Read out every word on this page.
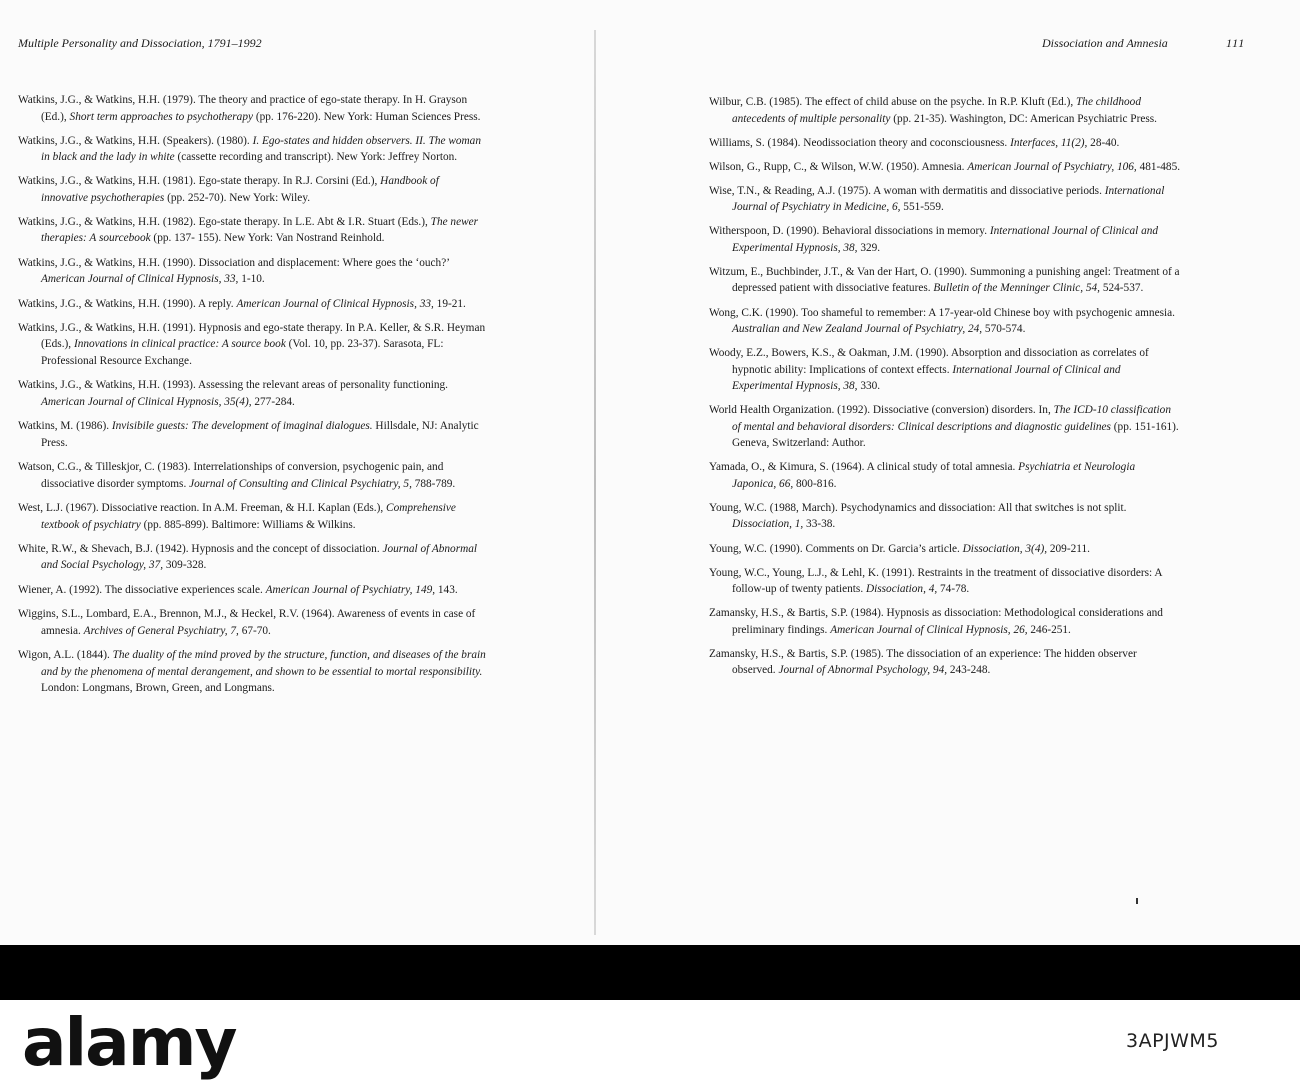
Multiple Personality and Dissociation, 1791–1992	Dissociation and Amnesia	111
Watkins, J.G., & Watkins, H.H. (1979). The theory and practice of ego-state therapy. In H. Grayson (Ed.), Short term approaches to psychotherapy (pp. 176-220). New York: Human Sciences Press.
Watkins, J.G., & Watkins, H.H. (Speakers). (1980). I. Ego-states and hidden observers. II. The woman in black and the lady in white (cassette recording and transcript). New York: Jeffrey Norton.
Watkins, J.G., & Watkins, H.H. (1981). Ego-state therapy. In R.J. Corsini (Ed.), Handbook of innovative psychotherapies (pp. 252-70). New York: Wiley.
Watkins, J.G., & Watkins, H.H. (1982). Ego-state therapy. In L.E. Abt & I.R. Stuart (Eds.), The newer therapies: A sourcebook (pp. 137- 155). New York: Van Nostrand Reinhold.
Watkins, J.G., & Watkins, H.H. (1990). Dissociation and displacement: Where goes the ‘ouch?’ American Journal of Clinical Hypnosis, 33, 1-10.
Watkins, J.G., & Watkins, H.H. (1990). A reply. American Journal of Clinical Hypnosis, 33, 19-21.
Watkins, J.G., & Watkins, H.H. (1991). Hypnosis and ego-state therapy. In P.A. Keller, & S.R. Heyman (Eds.), Innovations in clinical practice: A source book (Vol. 10, pp. 23-37). Sarasota, FL: Professional Resource Exchange.
Watkins, J.G., & Watkins, H.H. (1993). Assessing the relevant areas of personality functioning. American Journal of Clinical Hypnosis, 35(4), 277-284.
Watkins, M. (1986). Invisibile guests: The development of imaginal dialogues. Hillsdale, NJ: Analytic Press.
Watson, C.G., & Tilleskjor, C. (1983). Interrelationships of conversion, psychogenic pain, and dissociative disorder symptoms. Journal of Consulting and Clinical Psychiatry, 5, 788-789.
West, L.J. (1967). Dissociative reaction. In A.M. Freeman, & H.I. Kaplan (Eds.), Comprehensive textbook of psychiatry (pp. 885-899). Baltimore: Williams & Wilkins.
White, R.W., & Shevach, B.J. (1942). Hypnosis and the concept of dissociation. Journal of Abnormal and Social Psychology, 37, 309-328.
Wiener, A. (1992). The dissociative experiences scale. American Journal of Psychiatry, 149, 143.
Wiggins, S.L., Lombard, E.A., Brennon, M.J., & Heckel, R.V. (1964). Awareness of events in case of amnesia. Archives of General Psychiatry, 7, 67-70.
Wigon, A.L. (1844). The duality of the mind proved by the structure, function, and diseases of the brain and by the phenomena of mental derangement, and shown to be essential to mortal responsibility. London: Longmans, Brown, Green, and Longmans.
Wilbur, C.B. (1985). The effect of child abuse on the psyche. In R.P. Kluft (Ed.), The childhood antecedents of multiple personality (pp. 21-35). Washington, DC: American Psychiatric Press.
Williams, S. (1984). Neodissociation theory and coconsciousness. Interfaces, 11(2), 28-40.
Wilson, G., Rupp, C., & Wilson, W.W. (1950). Amnesia. American Journal of Psychiatry, 106, 481-485.
Wise, T.N., & Reading, A.J. (1975). A woman with dermatitis and dissociative periods. International Journal of Psychiatry in Medicine, 6, 551-559.
Witherspoon, D. (1990). Behavioral dissociations in memory. International Journal of Clinical and Experimental Hypnosis, 38, 329.
Witzum, E., Buchbinder, J.T., & Van der Hart, O. (1990). Summoning a punishing angel: Treatment of a depressed patient with dissociative features. Bulletin of the Menninger Clinic, 54, 524-537.
Wong, C.K. (1990). Too shameful to remember: A 17-year-old Chinese boy with psychogenic amnesia. Australian and New Zealand Journal of Psychiatry, 24, 570-574.
Woody, E.Z., Bowers, K.S., & Oakman, J.M. (1990). Absorption and dissociation as correlates of hypnotic ability: Implications of context effects. International Journal of Clinical and Experimental Hypnosis, 38, 330.
World Health Organization. (1992). Dissociative (conversion) disorders. In, The ICD-10 classification of mental and behavioral disorders: Clinical descriptions and diagnostic guidelines (pp. 151-161). Geneva, Switzerland: Author.
Yamada, O., & Kimura, S. (1964). A clinical study of total amnesia. Psychiatria et Neurologia Japonica, 66, 800-816.
Young, W.C. (1988, March). Psychodynamics and dissociation: All that switches is not split. Dissociation, 1, 33-38.
Young, W.C. (1990). Comments on Dr. Garcia’s article. Dissociation, 3(4), 209-211.
Young, W.C., Young, L.J., & Lehl, K. (1991). Restraints in the treatment of dissociative disorders: A follow-up of twenty patients. Dissociation, 4, 74-78.
Zamansky, H.S., & Bartis, S.P. (1984). Hypnosis as dissociation: Methodological considerations and preliminary findings. American Journal of Clinical Hypnosis, 26, 246-251.
Zamansky, H.S., & Bartis, S.P. (1985). The dissociation of an experience: The hidden observer observed. Journal of Abnormal Psychology, 94, 243-248.
alamy	3APJWM5
